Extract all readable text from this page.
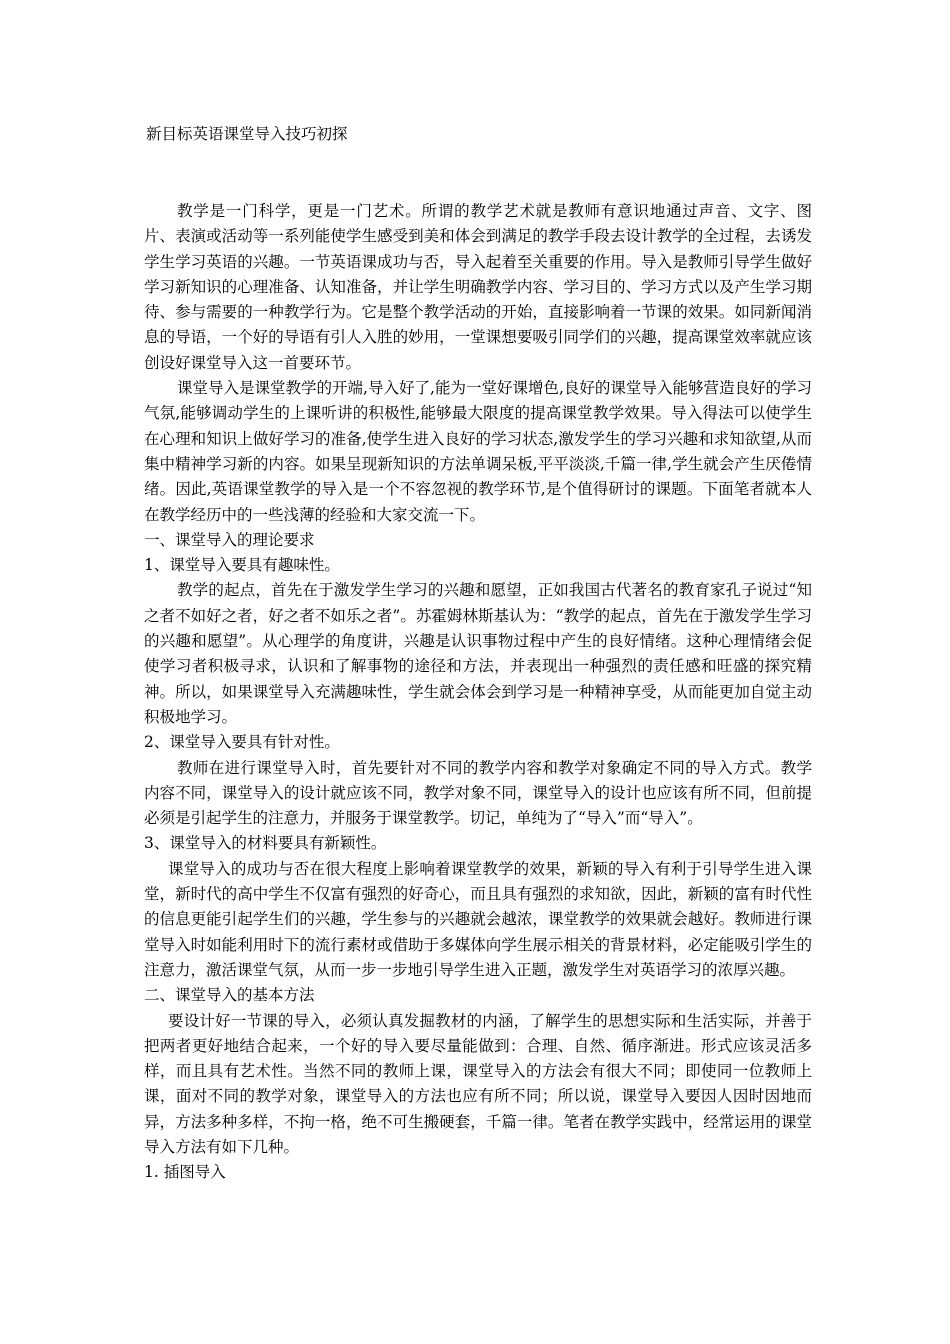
新目标英语课堂导入技巧初探

教学是一门科学，更是一门艺术。所谓的教学艺术就是教师有意识地通过声音、文字、图片、表演或活动等一系列能使学生感受到美和体会到满足的教学手段去设计教学的全过程，去诱发学生学习英语的兴趣。一节英语课成功与否，导入起着至关重要的作用。导入是教师引导学生做好学习新知识的心理准备、认知准备，并让学生明确教学内容、学习目的、学习方式以及产生学习期待、参与需要的一种教学行为。它是整个教学活动的开始，直接影响着一节课的效果。如同新闻消息的导语，一个好的导语有引人入胜的妙用，一堂课想要吸引同学们的兴趣，提高课堂效率就应该创设好课堂导入这一首要环节。

课堂导入是课堂教学的开端,导入好了,能为一堂好课增色,良好的课堂导入能够营造良好的学习气氛,能够调动学生的上课听讲的积极性,能够最大限度的提高课堂教学效果。导入得法可以使学生在心理和知识上做好学习的准备,使学生进入良好的学习状态,激发学生的学习兴趣和求知欲望,从而集中精神学习新的内容。如果呈现新知识的方法单调呆板,平平淡淡,千篇一律,学生就会产生厌倦情绪。因此,英语课堂教学的导入是一个不容忽视的教学环节,是个值得研讨的课题。下面笔者就本人在教学经历中的一些浅薄的经验和大家交流一下。

一、课堂导入的理论要求

1、课堂导入要具有趣味性。

教学的起点，首先在于激发学生学习的兴趣和愿望，正如我国古代著名的教育家孔子说过“知之者不如好之者，好之者不如乐之者”。苏霍姆林斯基认为：“教学的起点，首先在于激发学生学习的兴趣和愿望”。从心理学的角度讲，兴趣是认识事物过程中产生的良好情绪。这种心理情绪会促使学习者积极寻求，认识和了解事物的途径和方法，并表现出一种强烈的责任感和旺盛的探究精神。所以，如果课堂导入充满趣味性，学生就会体会到学习是一种精神享受，从而能更加自觉主动积极地学习。

2、课堂导入要具有针对性。

教师在进行课堂导入时，首先要针对不同的教学内容和教学对象确定不同的导入方式。教学内容不同，课堂导入的设计就应该不同，教学对象不同，课堂导入的设计也应该有所不同，但前提必须是引起学生的注意力，并服务于课堂教学。切记，单纯为了“导入”而“导入”。

3、课堂导入的材料要具有新颖性。

课堂导入的成功与否在很大程度上影响着课堂教学的效果，新颖的导入有利于引导学生进入课堂，新时代的高中学生不仅富有强烈的好奇心，而且具有强烈的求知欲，因此，新颖的富有时代性的信息更能引起学生们的兴趣，学生参与的兴趣就会越浓，课堂教学的效果就会越好。教师进行课堂导入时如能利用时下的流行素材或借助于多媒体向学生展示相关的背景材料，必定能吸引学生的注意力，激活课堂气氛，从而一步一步地引导学生进入正题，激发学生对英语学习的浓厚兴趣。

二、课堂导入的基本方法

要设计好一节课的导入，必须认真发掘教材的内涵，了解学生的思想实际和生活实际，并善于把两者更好地结合起来，一个好的导入要尽量能做到：合理、自然、循序渐进。形式应该灵活多样，而且具有艺术性。当然不同的教师上课，课堂导入的方法会有很大不同；即使同一位教师上课，面对不同的教学对象，课堂导入的方法也应有所不同；所以说，课堂导入要因人因时因地而异，方法多种多样，不拘一格，绝不可生搬硬套，千篇一律。笔者在教学实践中，经常运用的课堂导入方法有如下几种。

1. 插图导入
